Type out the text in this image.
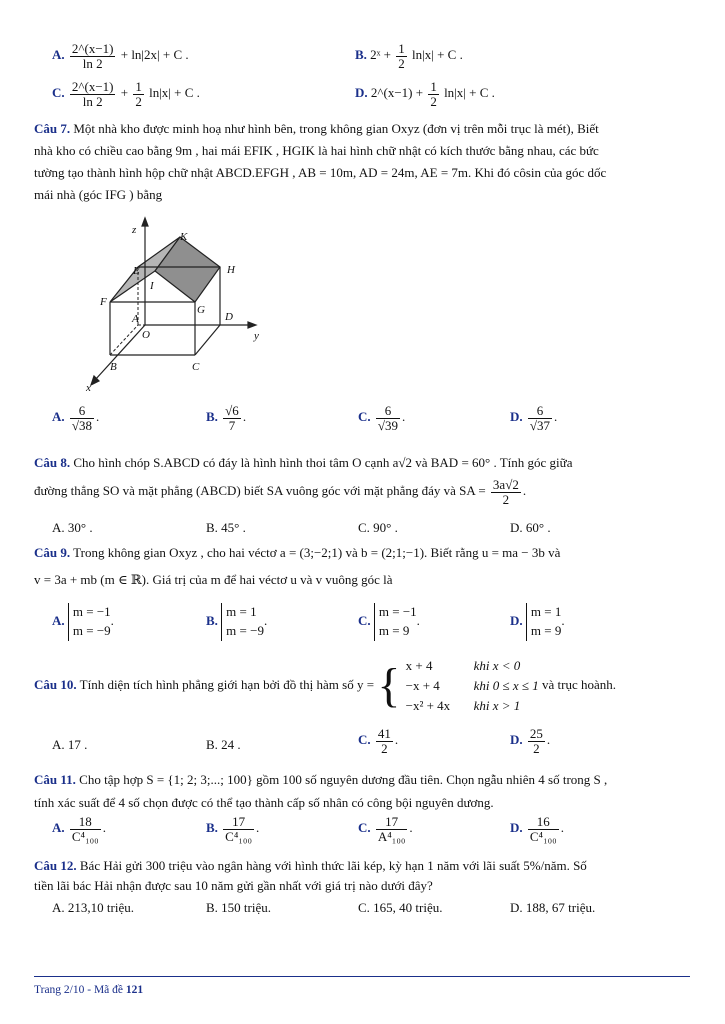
A. $\frac{2\^{}(x-1)}{\ln 2} + \ln|2x| + C$ .	B. 2ˣ + $\frac{1}{2} \ln|x| + C$ .
C. $\frac{2\^{}(x-1)}{\ln 2} + \frac{1}{2} \ln|x| + C$ .	D. 2^(x−1) + $\frac{1}{2} \ln|x| + C$ .

Câu 7. Một nhà kho được minh hoạ như hình bên, trong không gian Oxyz (đơn vị trên mỗi trục là mét), Biết
nhà kho có chiều cao bằng 9m , hai mái EFIK , HGIK là hai hình chữ nhật có kích thước bằng nhau, các bức
tường tạo thành hình hộp chữ nhật ABCD.EFGH , AB = 10m, AD = 24m, AE = 7m. Khi đó côsin của góc dốc
mái nhà (góc IFG ) bằng

z
y
x
K
E	H
I
F
G
A	D
O
B	C
A. $\frac{6}{√38}$ .	B. $\frac{√6}{7}$ .	C. $\frac{6}{√39}$ .	D. $\frac{6}{√37}$ .
Câu 8. Cho hình chóp S.ABCD có đáy là hình hình thoi tâm O cạnh a√2 và BAD = 60° . Tính góc giữa
đường thẳng SO và mặt phẳng (ABCD) biết SA vuông góc với mặt phẳng đáy và SA = $\frac{3a√2}{2}$ .
A. 30° .	B. 45° .	C. 90° .	D. 60° .
Câu 9. Trong không gian Oxyz , cho hai véctơ a = (3;−2;1) và b = (2;1;−1). Biết rằng u = ma − 3b và
v = 3a + mb (m ∈ ℝ). Giá trị của m để hai véctơ u và v vuông góc là
A. m = −1
m = −9.	B. m = 1
m = −9.	C. m = −1
m = 9.	D. m = 1
m = 9.
Câu 10. Tính diện tích hình phẳng giới hạn bởi đồ thị hàm số y = { x + 4	khi x < 0
−x + 4	khi 0 ≤ x ≤ 1
−x² + 4x khi x > 1 và trục hoành.
A. 17 .	B. 24 .	C. $\frac{41}{2}$ .	D. $\frac{25}{2}$ .
Câu 11. Cho tập hợp S = {1; 2; 3;...; 100} gồm 100 số nguyên dương đầu tiên. Chọn ngẫu nhiên 4 số trong S ,
tính xác suất để 4 số chọn được có thể tạo thành cấp số nhân có công bội nguyên dương.
A. $\frac{18}{\text{C⁴₁₀₀}}$ .	B. $\frac{17}{\text{C⁴₁₀₀}}$ .	C. $\frac{17}{\text{A⁴₁₀₀}}$ .	D. $\frac{16}{\text{C⁴₁₀₀}}$ .
Câu 12. Bác Hải gửi 300 triệu vào ngân hàng với hình thức lãi kép, kỳ hạn 1 năm với lãi suất 5%/năm. Số
tiền lãi bác Hải nhận được sau 10 năm gửi gần nhất với giá trị nào dưới đây?
A. 213,10 triệu.	B. 150 triệu.	C. 165, 40 triệu.	D. 188, 67 triệu.
Trang 2/10 - Mã đề 121
